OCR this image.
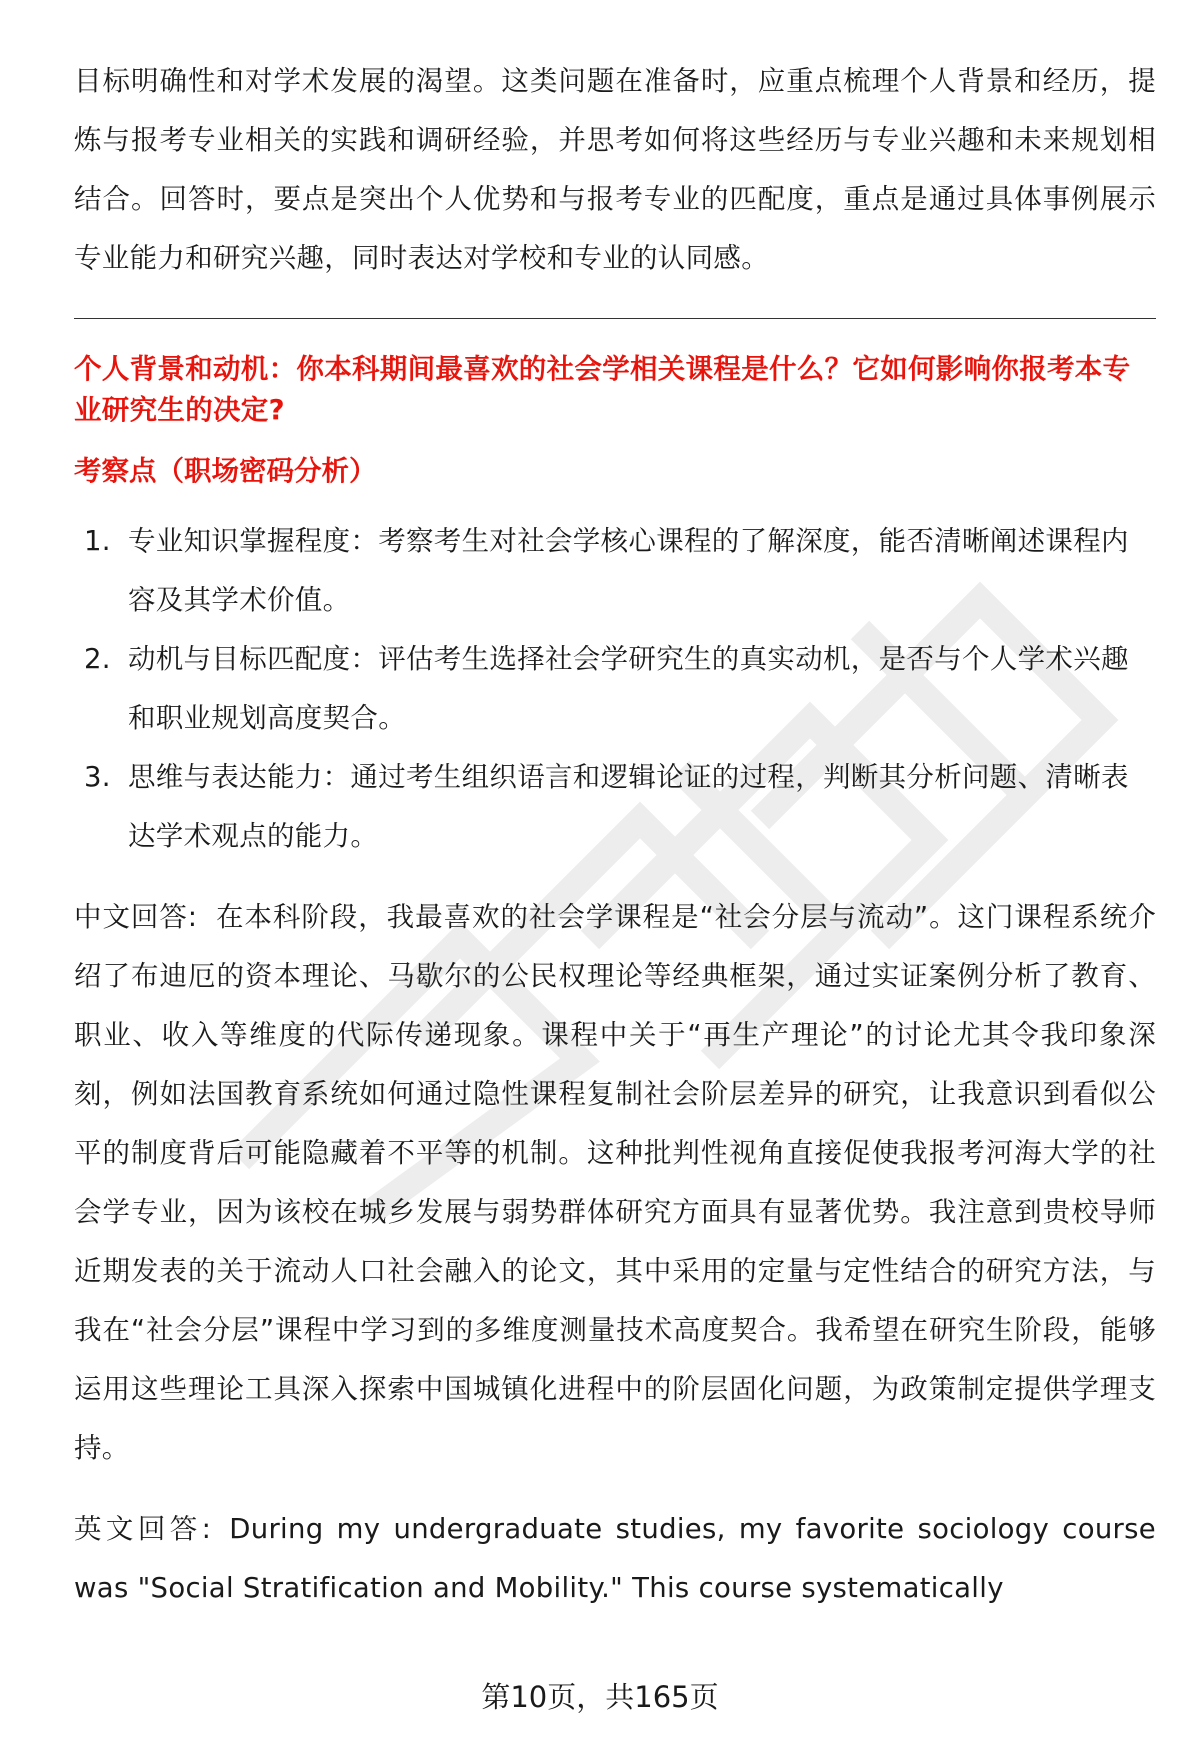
目标明确性和对学术发展的渴望。这类问题在准备时，应重点梳理个人背景和经历，提炼与报考专业相关的实践和调研经验，并思考如何将这些经历与专业兴趣和未来规划相结合。回答时，要点是突出个人优势和与报考专业的匹配度，重点是通过具体事例展示专业能力和研究兴趣，同时表达对学校和专业的认同感。

个人背景和动机：你本科期间最喜欢的社会学相关课程是什么？它如何影响你报考本专业研究生的决定?
考察点（职场密码分析）
1. 专业知识掌握程度：考察考生对社会学核心课程的了解深度，能否清晰阐述课程内容及其学术价值。
2. 动机与目标匹配度：评估考生选择社会学研究生的真实动机，是否与个人学术兴趣和职业规划高度契合。
3. 思维与表达能力：通过考生组织语言和逻辑论证的过程，判断其分析问题、清晰表达学术观点的能力。

中文回答: 在本科阶段，我最喜欢的社会学课程是“社会分层与流动”。这门课程系统介绍了布迪厄的资本理论、马歇尔的公民权理论等经典框架，通过实证案例分析了教育、职业、收入等维度的代际传递现象。课程中关于“再生产理论”的讨论尤其令我印象深刻，例如法国教育系统如何通过隐性课程复制社会阶层差异的研究，让我意识到看似公平的制度背后可能隐藏着不平等的机制。这种批判性视角直接促使我报考河海大学的社会学专业，因为该校在城乡发展与弱势群体研究方面具有显著优势。我注意到贵校导师近期发表的关于流动人口社会融入的论文，其中采用的定量与定性结合的研究方法，与我在“社会分层”课程中学习到的多维度测量技术高度契合。我希望在研究生阶段，能够运用这些理论工具深入探索中国城镇化进程中的阶层固化问题，为政策制定提供学理支持。

英文回答: During my undergraduate studies, my favorite sociology course was "Social Stratification and Mobility." This course systematically

第10页，共165页
